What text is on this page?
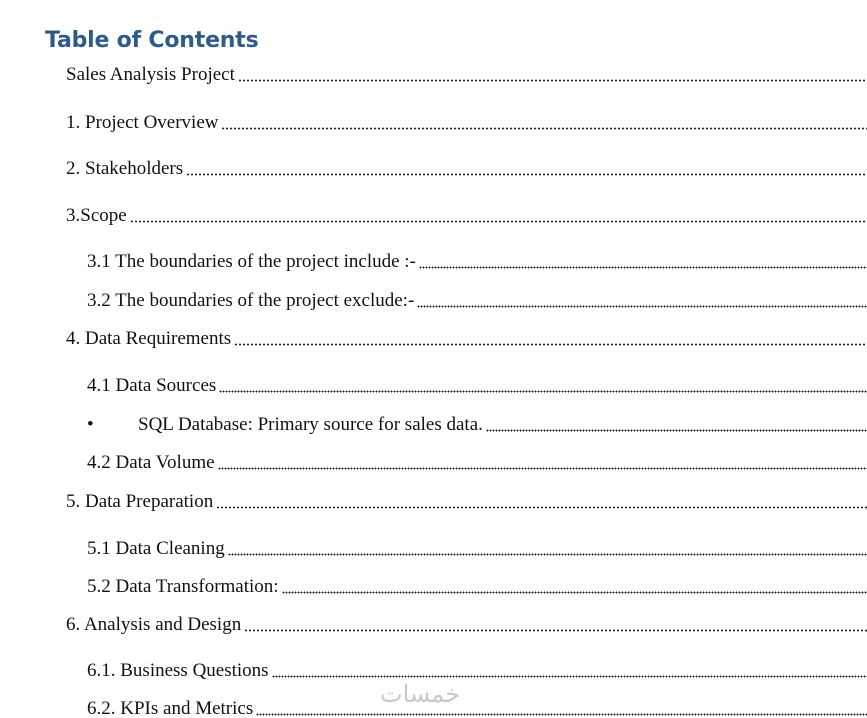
Table of Contents
Sales Analysis Project
1. Project Overview
2. Stakeholders
3.Scope
3.1 The boundaries of the project include :-
3.2 The boundaries of the project exclude:-
4. Data Requirements
4.1 Data Sources
•	SQL Database: Primary source for sales data.
4.2 Data Volume
5. Data Preparation
5.1 Data Cleaning
5.2 Data Transformation:
6. Analysis and Design
6.1. Business Questions
6.2. KPIs and Metrics
خمسات
